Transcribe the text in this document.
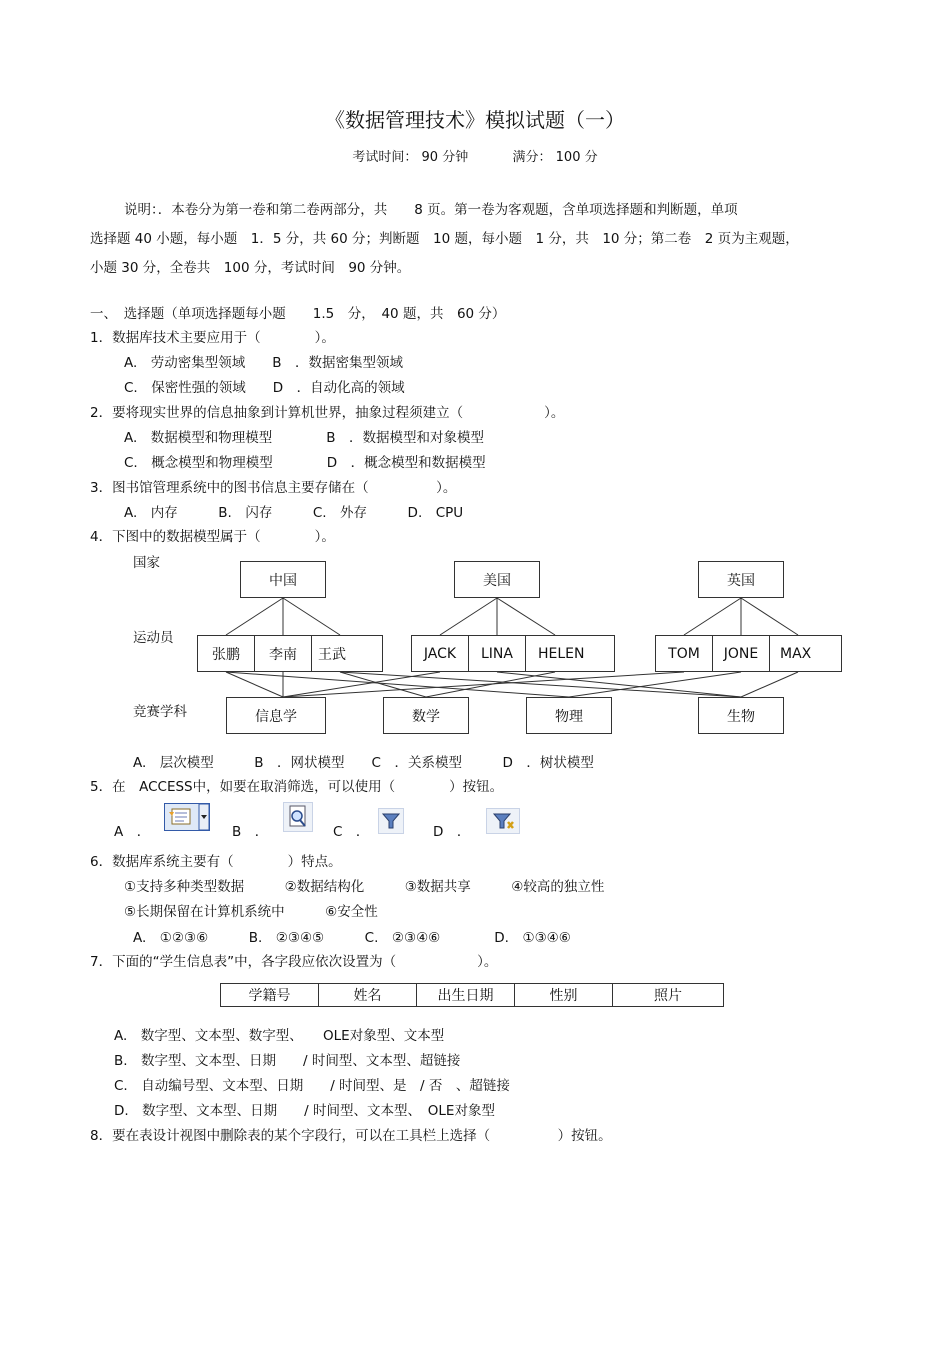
《数据管理技术》模拟试题（一）
考试时间： 90 分钟	满分： 100 分
说明：．本卷分为第一卷和第二卷两部分，共　　8 页。第一卷为客观题，含单项选择题和判断题，单项
选择题 40 小题，每小题　1．5 分，共 60 分；判断题　10 题，每小题　1 分，共　10 分；第二卷　2 页为主观题，
小题 30 分，全卷共　100 分，考试时间　90 分钟。
一、　选择题（单项选择题每小题　　1.5　分，　40 题，共　60 分）
1．数据库技术主要应用于（　　　　）。
A.　劳动密集型领域　　B　．数据密集型领域
C.　保密性强的领域　　D　．自动化高的领域
2．要将现实世界的信息抽象到计算机世界，抽象过程须建立（　　　　　　）。
A.　数据模型和物理模型　　　　B　．数据模型和对象模型
C.　概念模型和物理模型　　　　D　．概念模型和数据模型
3．图书馆管理系统中的图书信息主要存储在（　　　　　）。
A.　内存　　　B.　闪存　　　C.　外存　　　D.　CPU
4．下图中的数据模型属于（　　　　）。
国家
运动员
竞赛学科
中国	美国	英国
张鹏	李南	王武	JACK	LINA	HELEN	TOM	JONE	MAX
信息学	数学	物理	生物
A.　层次模型　　　B　．网状模型　　C　．关系模型　　　D　．树状模型
5．在　ACCESS中，如要在取消筛选，可以使用（　　　　）按钮。
A　．	B　．	C　．	D　．
6．数据库系统主要有（　　　　）特点。
①支持多种类型数据　　　②数据结构化　　　③数据共享　　　④较高的独立性
⑤长期保留在计算机系统中　　　⑥安全性
A.　①②③⑥　　　B.　②③④⑤　　　C.　②③④⑥　　　　D.　①③④⑥
7．下面的“学生信息表”中，各字段应依次设置为（　　　　　　）。
学籍号	姓名	出生日期	性别	照片
A.　数字型、文本型、数字型、　　OLE对象型、文本型
B.　数字型、文本型、日期　　/ 时间型、文本型、超链接
C.　自动编号型、文本型、日期　　/ 时间型、是　/ 否　、超链接
D.　数字型、文本型、日期　　/ 时间型、文本型、　OLE对象型
8．要在表设计视图中删除表的某个字段行，可以在工具栏上选择（　　　　　）按钮。
